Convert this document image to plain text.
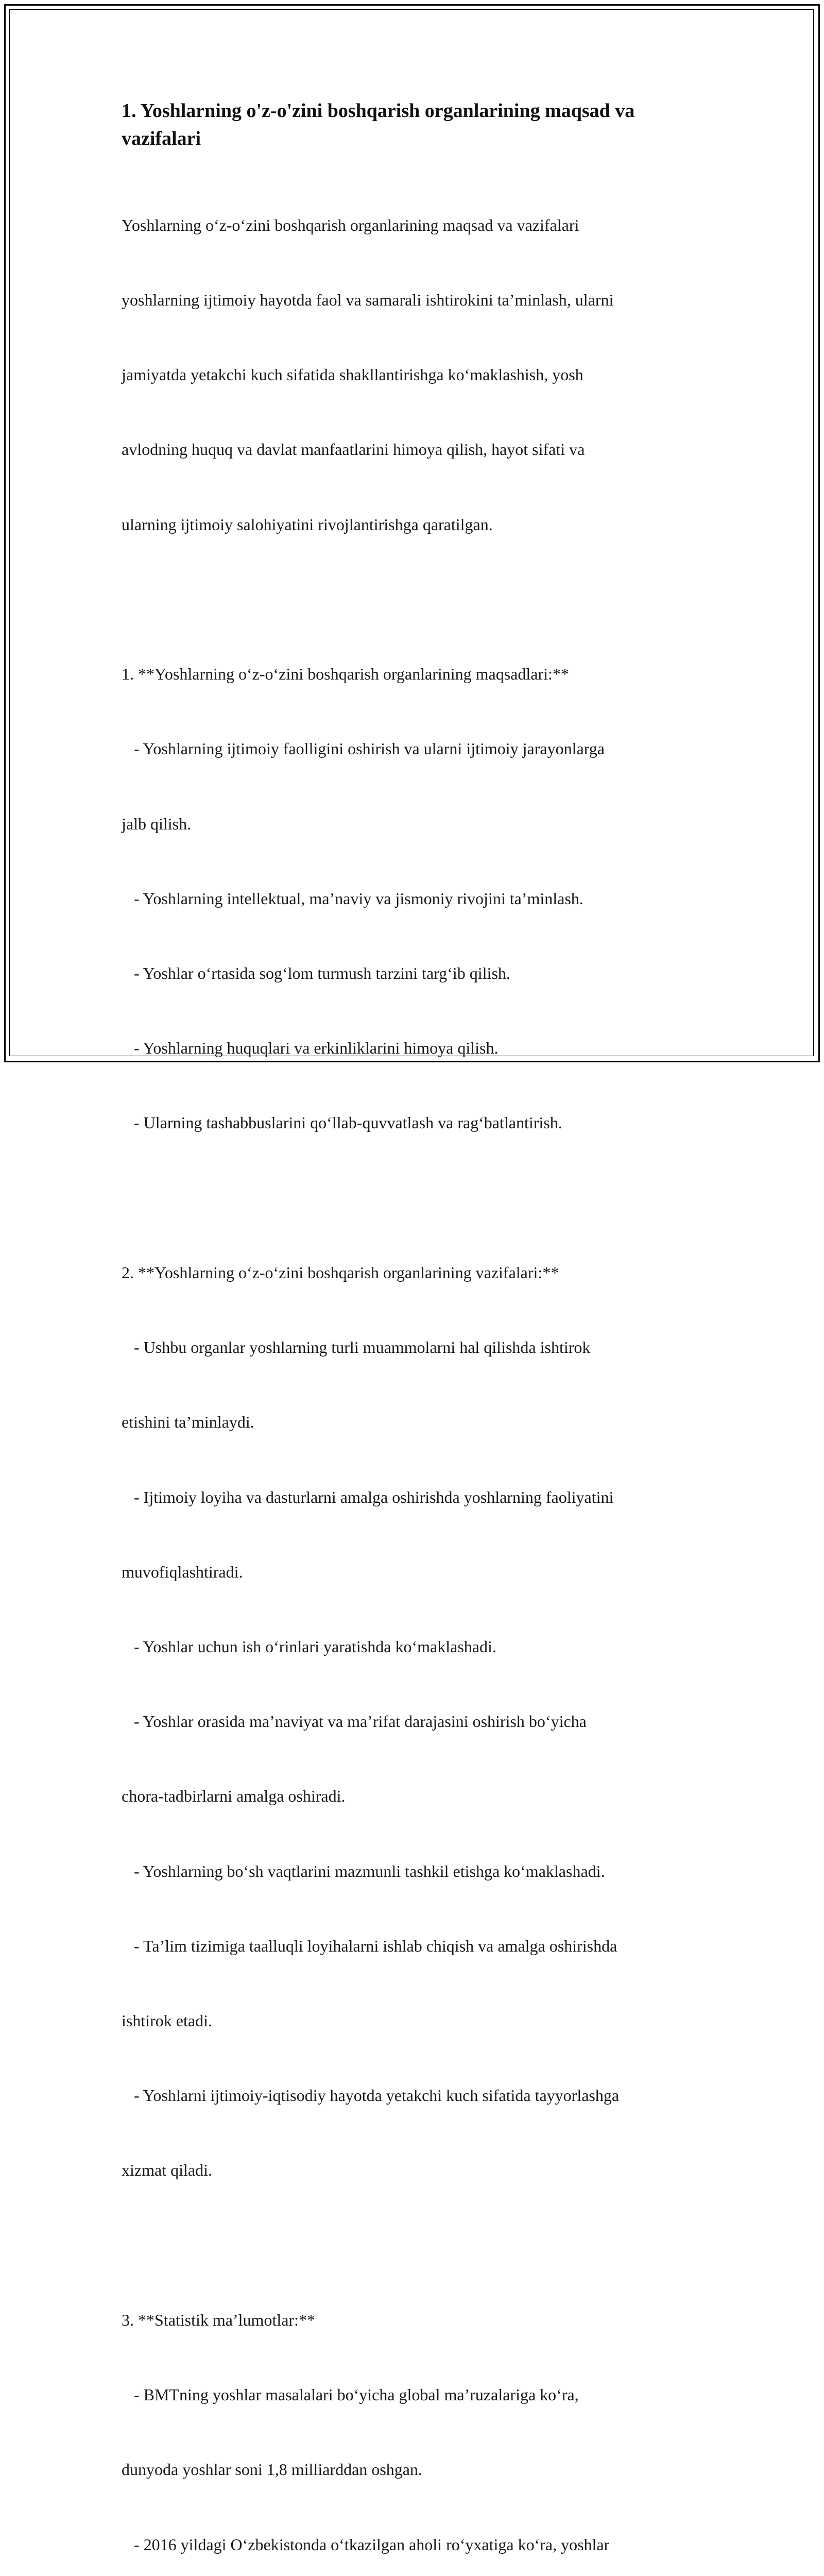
1. Yoshlarning o'z-o'zini boshqarish organlarining maqsad va
vazifalari

Yoshlarning o‘z-o‘zini boshqarish organlarining maqsad va vazifalari

yoshlarning ijtimoiy hayotda faol va samarali ishtirokini ta’minlash, ularni

jamiyatda yetakchi kuch sifatida shakllantirishga ko‘maklashish, yosh

avlodning huquq va davlat manfaatlarini himoya qilish, hayot sifati va

ularning ijtimoiy salohiyatini rivojlantirishga qaratilgan.

1. **Yoshlarning o‘z-o‘zini boshqarish organlarining maqsadlari:**

- Yoshlarning ijtimoiy faolligini oshirish va ularni ijtimoiy jarayonlarga

jalb qilish.

- Yoshlarning intellektual, ma’naviy va jismoniy rivojini ta’minlash.

- Yoshlar o‘rtasida sog‘lom turmush tarzini targ‘ib qilish.

- Yoshlarning huquqlari va erkinliklarini himoya qilish.

- Ularning tashabbuslarini qo‘llab-quvvatlash va rag‘batlantirish.

2. **Yoshlarning o‘z-o‘zini boshqarish organlarining vazifalari:**

- Ushbu organlar yoshlarning turli muammolarni hal qilishda ishtirok

etishini ta’minlaydi.

- Ijtimoiy loyiha va dasturlarni amalga oshirishda yoshlarning faoliyatini

muvofiqlashtiradi.

- Yoshlar uchun ish o‘rinlari yaratishda ko‘maklashadi.

- Yoshlar orasida ma’naviyat va ma’rifat darajasini oshirish bo‘yicha

chora-tadbirlarni amalga oshiradi.

- Yoshlarning bo‘sh vaqtlarini mazmunli tashkil etishga ko‘maklashadi.

- Ta’lim tizimiga taalluqli loyihalarni ishlab chiqish va amalga oshirishda

ishtirok etadi.

- Yoshlarni ijtimoiy-iqtisodiy hayotda yetakchi kuch sifatida tayyorlashga

xizmat qiladi.

3. **Statistik ma’lumotlar:**

- BMTning yoshlar masalalari bo‘yicha global ma’ruzalariga ko‘ra,

dunyoda yoshlar soni 1,8 milliarddan oshgan.

- 2016 yildagi O‘zbekistonda o‘tkazilgan aholi ro‘yxatiga ko‘ra, yoshlar
